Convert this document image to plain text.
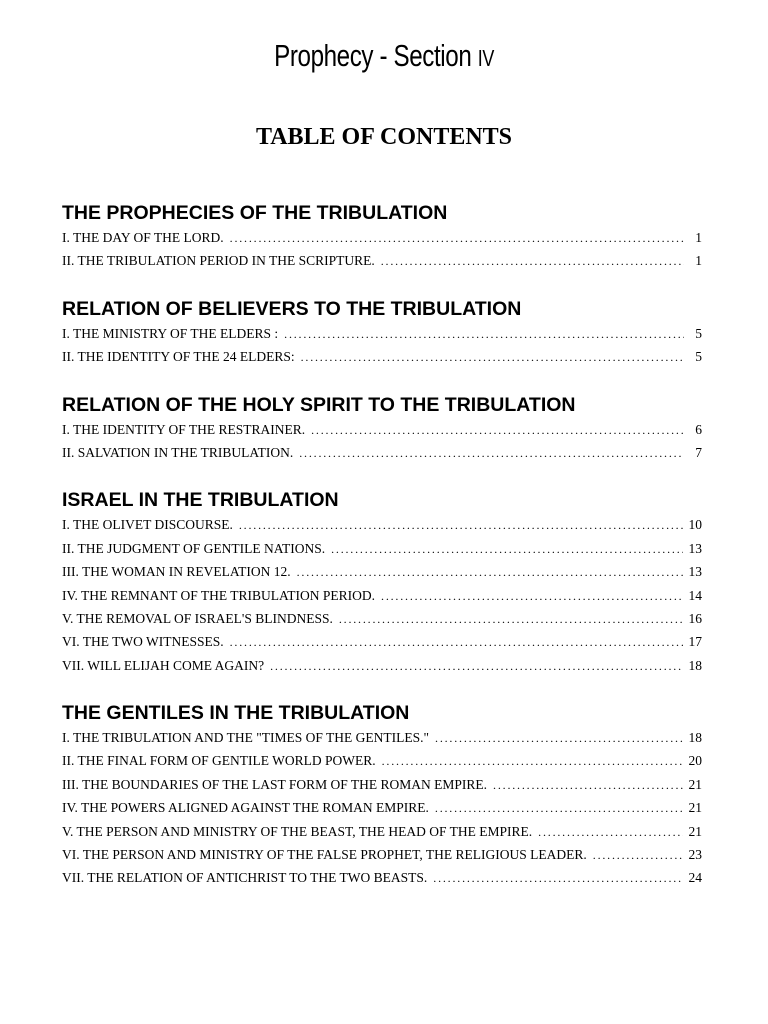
Prophecy - Section IV
TABLE OF CONTENTS
THE PROPHECIES OF THE TRIBULATION
I. THE DAY OF THE LORD. . . .	1
II. THE TRIBULATION PERIOD IN THE SCRIPTURE. . . .	1
RELATION OF BELIEVERS TO THE TRIBULATION
I. THE MINISTRY OF THE ELDERS : . . .	5
II. THE IDENTITY OF THE 24 ELDERS: . . .	5
RELATION OF THE HOLY SPIRIT TO THE TRIBULATION
I. THE IDENTITY OF THE RESTRAINER. . . .	6
II. SALVATION IN THE TRIBULATION. . . .	7
ISRAEL IN THE TRIBULATION
I. THE OLIVET DISCOURSE. . . .	10
II. THE JUDGMENT OF GENTILE NATIONS. . . .	13
III. THE WOMAN IN REVELATION 12. . . .	13
IV. THE REMNANT OF THE TRIBULATION PERIOD. . . .	14
V. THE REMOVAL OF ISRAEL'S BLINDNESS. . . .	16
VI. THE TWO WITNESSES. . . .	17
VII. WILL ELIJAH COME AGAIN? . . .	18
THE GENTILES IN THE TRIBULATION
I. THE TRIBULATION AND THE "TIMES OF THE GENTILES." . . .	18
II. THE FINAL FORM OF GENTILE WORLD POWER. . . .	20
III. THE BOUNDARIES OF THE LAST FORM OF THE ROMAN EMPIRE. . . .	21
IV. THE POWERS ALIGNED AGAINST THE ROMAN EMPIRE. . . .	21
V. THE PERSON AND MINISTRY OF THE BEAST, THE HEAD OF THE EMPIRE. . . .	21
VI. THE PERSON AND MINISTRY OF THE FALSE PROPHET, THE RELIGIOUS LEADER. . . .	23
VII. THE RELATION OF ANTICHRIST TO THE TWO BEASTS. . . .	24
